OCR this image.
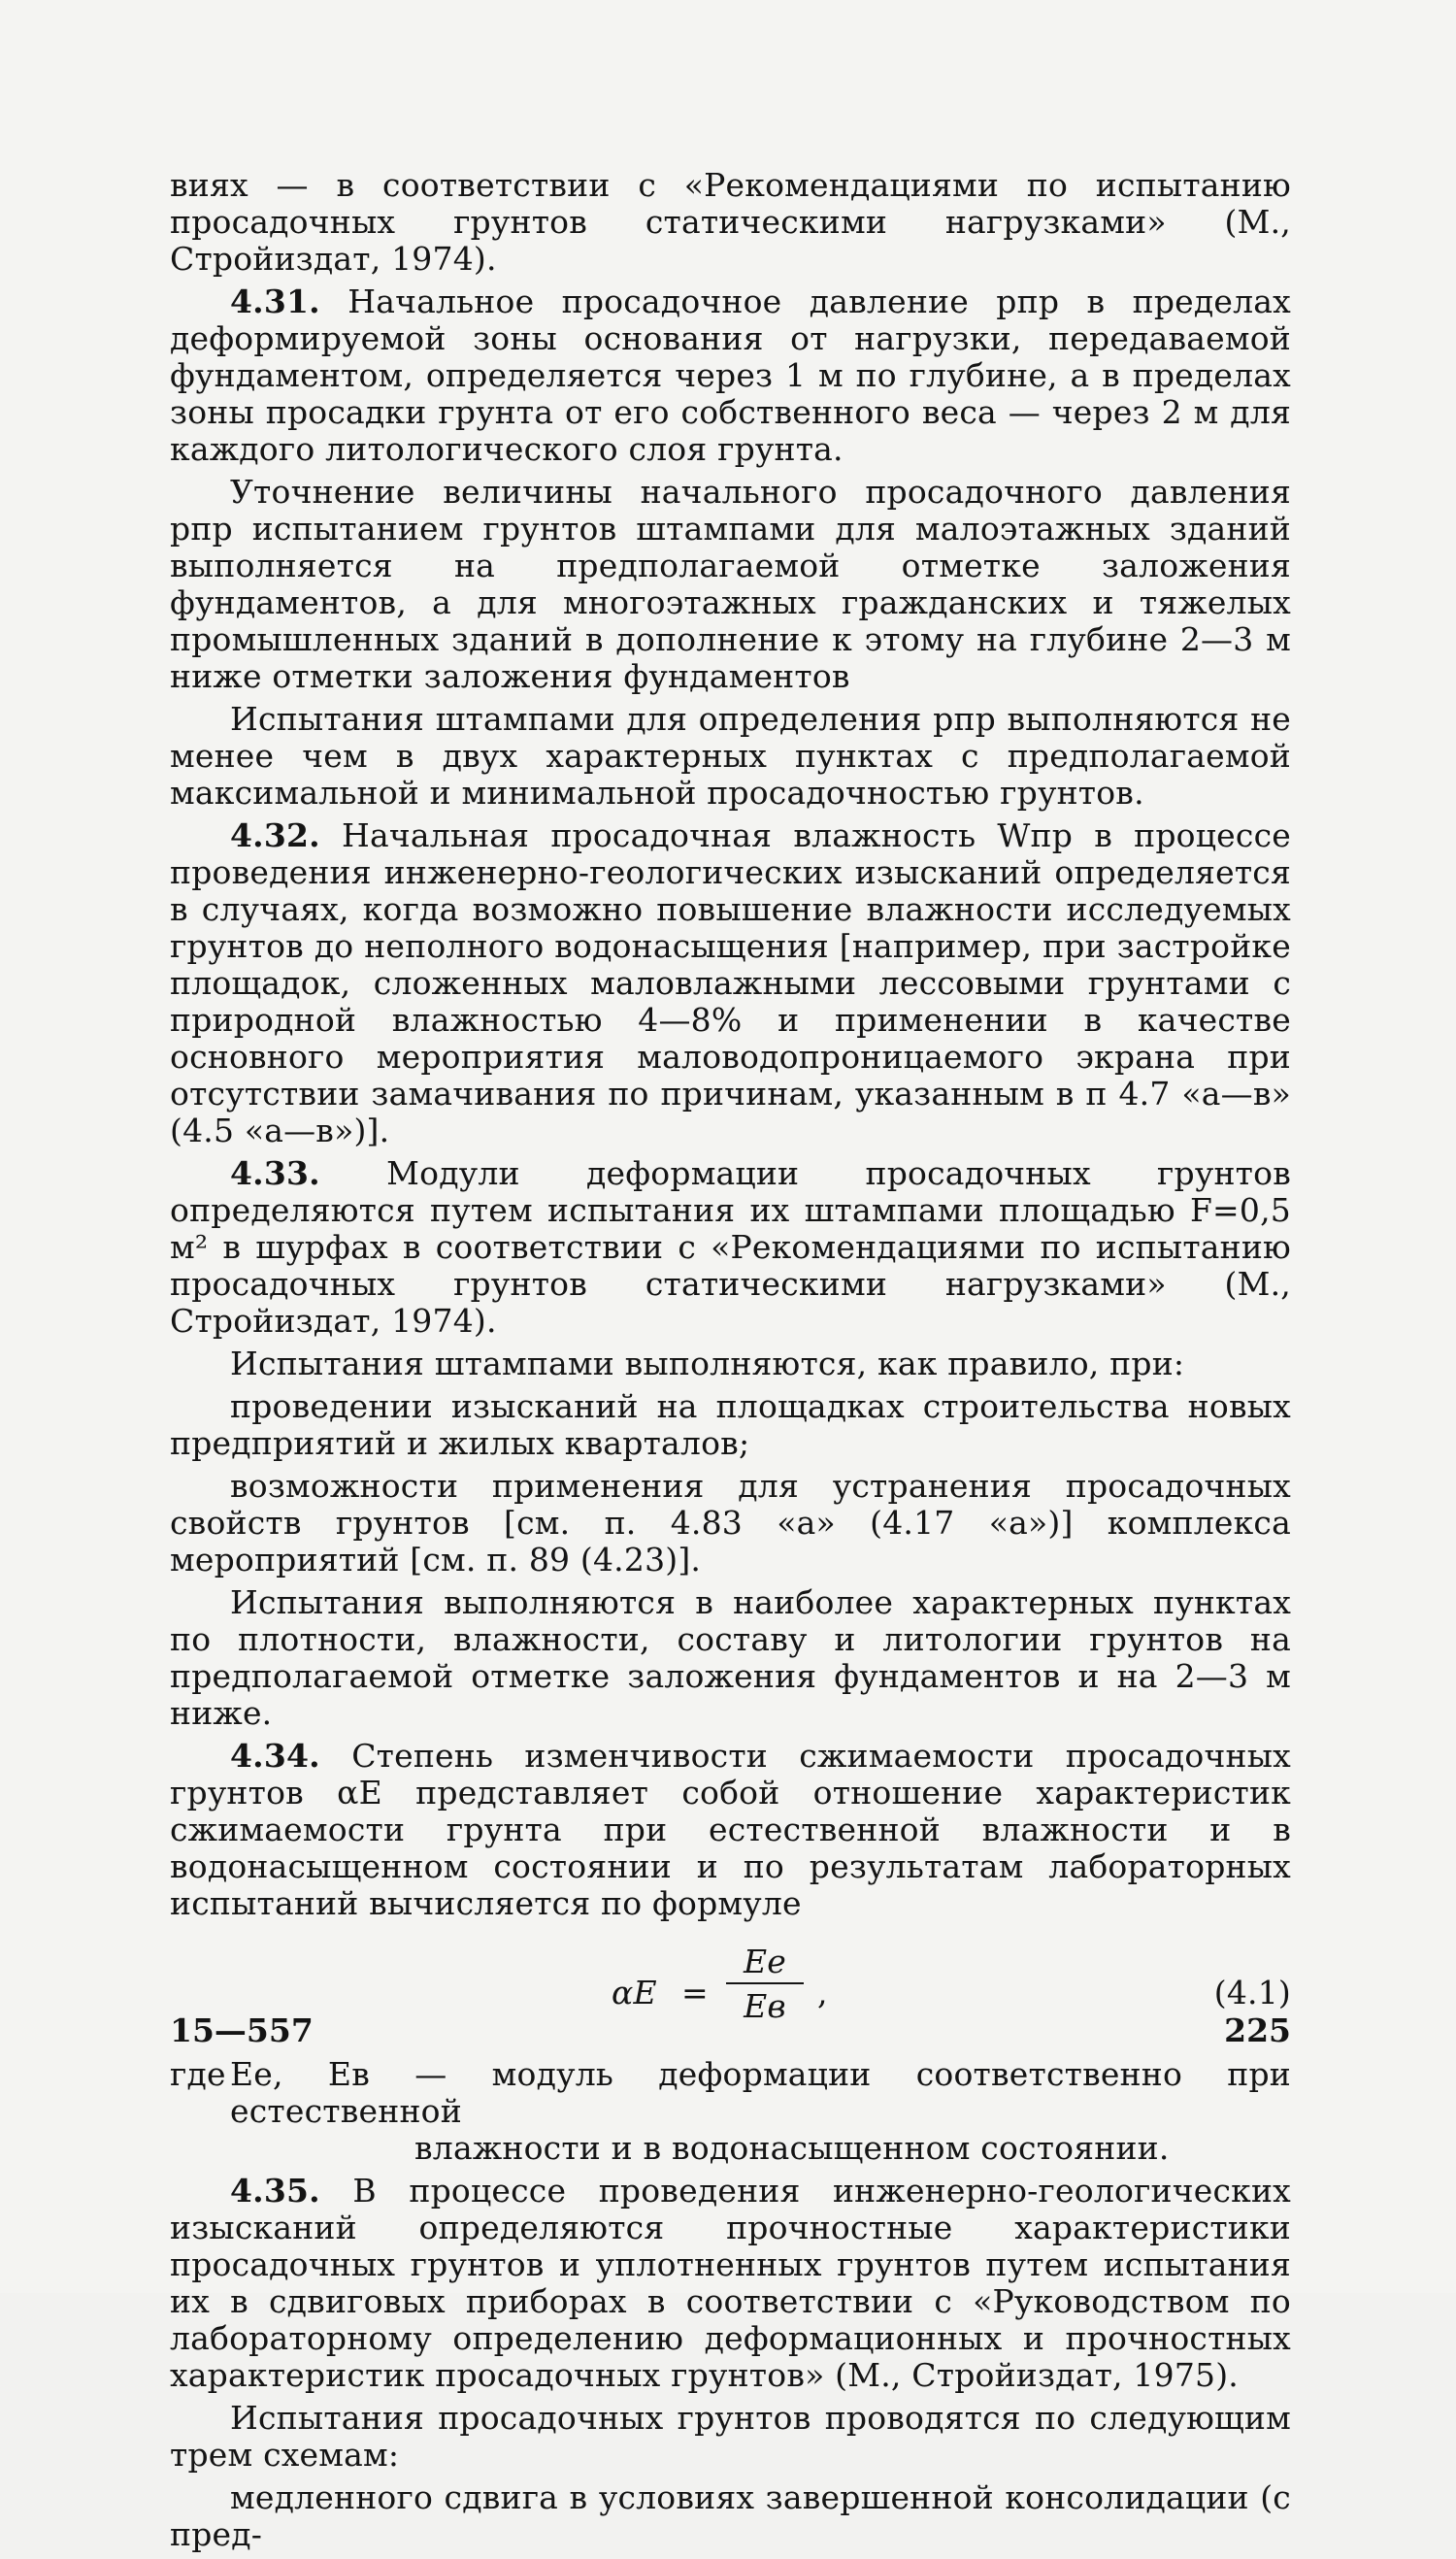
виях — в соответствии с «Рекомендациями по испытанию просадочных грунтов статическими нагрузками» (М., Стройиздат, 1974).

4.31. Начальное просадочное давление pпр в пределах деформируемой зоны основания от нагрузки, передаваемой фундаментом, определяется через 1 м по глубине, а в пределах зоны просадки грунта от его собственного веса — через 2 м для каждого литологического слоя грунта.

Уточнение величины начального просадочного давления pпр испытанием грунтов штампами для малоэтажных зданий выполняется на предполагаемой отметке заложения фундаментов, а для многоэтажных гражданских и тяжелых промышленных зданий в дополнение к этому на глубине 2—3 м ниже отметки заложения фундаментов

Испытания штампами для определения pпр выполняются не менее чем в двух характерных пунктах с предполагаемой максимальной и минимальной просадочностью грунтов.

4.32. Начальная просадочная влажность Wпр в процессе проведения инженерно-геологических изысканий определяется в случаях, когда возможно повышение влажности исследуемых грунтов до неполного водонасыщения [например, при застройке площадок, сложенных маловлажными лессовыми грунтами с природной влажностью 4—8% и применении в качестве основного мероприятия маловодопроницаемого экрана при отсутствии замачивания по причинам, указанным в п 4.7 «а—в» (4.5 «а—в»)].

4.33. Модули деформации просадочных грунтов определяются путем испытания их штампами площадью F=0,5 м² в шурфах в соответствии с «Рекомендациями по испытанию просадочных грунтов статическими нагрузками» (М., Стройиздат, 1974).

Испытания штампами выполняются, как правило, при:

проведении изысканий на площадках строительства новых предприятий и жилых кварталов;

возможности применения для устранения просадочных свойств грунтов [см. п. 4.83 «а» (4.17 «а»)] комплекса мероприятий [см. п. 89 (4.23)].

Испытания выполняются в наиболее характерных пунктах по плотности, влажности, составу и литологии грунтов на предполагаемой отметке заложения фундаментов и на 2—3 м ниже.

4.34. Степень изменчивости сжимаемости просадочных грунтов αE представляет собой отношение характеристик сжимаемости грунта при естественной влажности и в водонасыщенном состоянии и по результатам лабораторных испытаний вычисляется по формуле

αE =
Eе
Eв ,	(4.1)
где Eе, Eв — модуль деформации соответственно при естественной
влажности и в водонасыщенном состоянии.

4.35. В процессе проведения инженерно-геологических изысканий определяются прочностные характеристики просадочных грунтов и уплотненных грунтов путем испытания их в сдвиговых приборах в соответствии с «Руководством по лабораторному определению деформационных и прочностных характеристик просадочных грунтов» (М., Стройиздат, 1975).

Испытания просадочных грунтов проводятся по следующим трем схемам:

медленного сдвига в условиях завершенной консолидации (с пред-

15—557	225
